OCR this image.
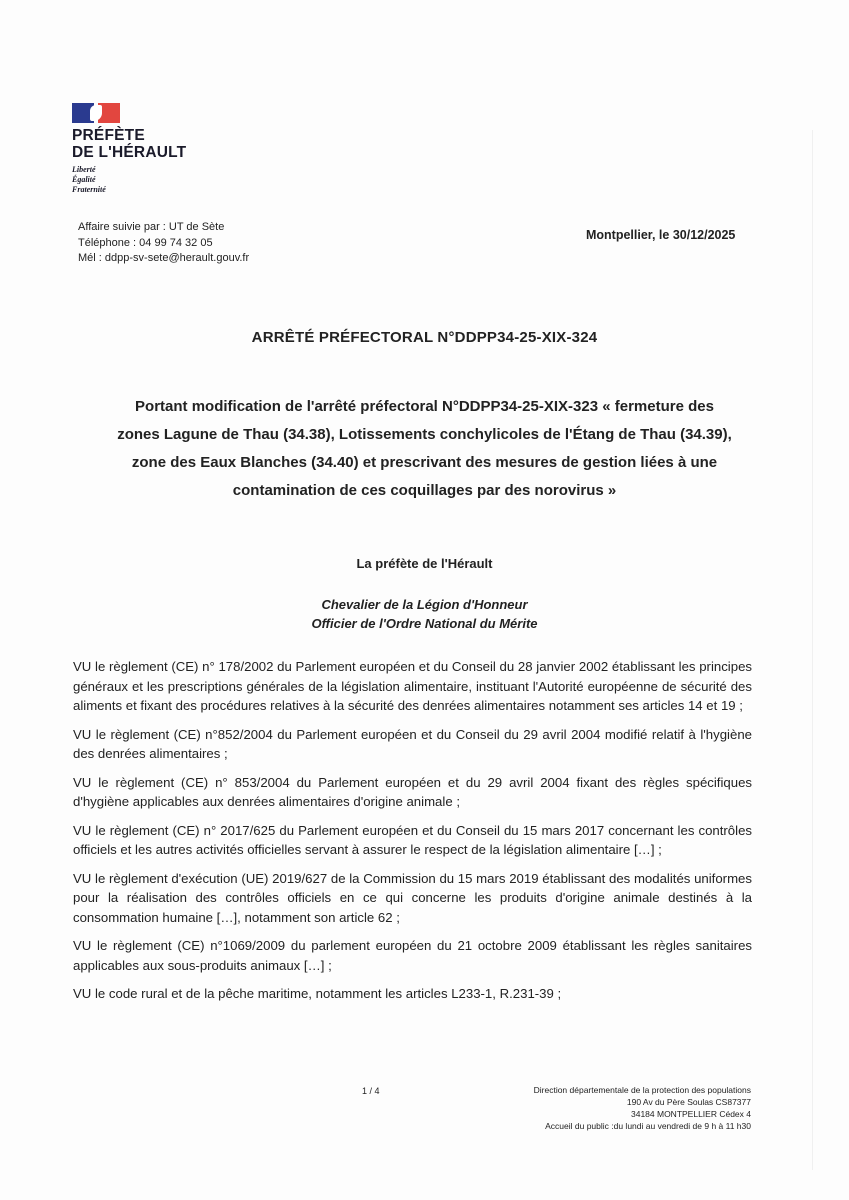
PRÉFÈTE
DE L'HÉRAULT
Liberté
Égalité
Fraternité
Affaire suivie par : UT de Sète
Téléphone : 04 99 74 32 05
Mél : ddpp-sv-sete@herault.gouv.fr
Montpellier, le 30/12/2025
ARRÊTÉ PRÉFECTORAL N°DDPP34-25-XIX-324
Portant modification de l'arrêté préfectoral N°DDPP34-25-XIX-323 « fermeture des
zones Lagune de Thau (34.38), Lotissements conchylicoles de l'Étang de Thau (34.39),
zone des Eaux Blanches (34.40) et prescrivant des mesures de gestion liées à une
contamination de ces coquillages par des norovirus »
La préfète de l'Hérault
Chevalier de la Légion d'Honneur
Officier de l'Ordre National du Mérite

VU le règlement (CE) n° 178/2002 du Parlement européen et du Conseil du 28 janvier 2002 établissant les principes généraux et les prescriptions générales de la législation alimentaire, instituant l'Autorité européenne de sécurité des aliments et fixant des procédures relatives à la sécurité des denrées alimentaires notamment ses articles 14 et 19 ;

VU le règlement (CE) n°852/2004 du Parlement européen et du Conseil du 29 avril 2004 modifié relatif à l'hygiène des denrées alimentaires ;

VU le règlement (CE) n° 853/2004 du Parlement européen et du 29 avril 2004 fixant des règles spécifiques d'hygiène applicables aux denrées alimentaires d'origine animale ;

VU le règlement (CE) n° 2017/625 du Parlement européen et du Conseil du 15 mars 2017 concernant les contrôles officiels et les autres activités officielles servant à assurer le respect de la législation alimentaire […] ;

VU le règlement d'exécution (UE) 2019/627 de la Commission du 15 mars 2019 établissant des modalités uniformes pour la réalisation des contrôles officiels en ce qui concerne les produits d'origine animale destinés à la consommation humaine […], notamment son article 62 ;

VU le règlement (CE) n°1069/2009 du parlement européen du 21 octobre 2009 établissant les règles sanitaires applicables aux sous-produits animaux […] ;

VU le code rural et de la pêche maritime, notamment les articles L233-1, R.231-39 ;

1 / 4	Direction départementale de la protection des populations
190 Av du Père Soulas CS87377
34184 MONTPELLIER Cédex 4
Accueil du public :du lundi au vendredi de 9 h à 11 h30
